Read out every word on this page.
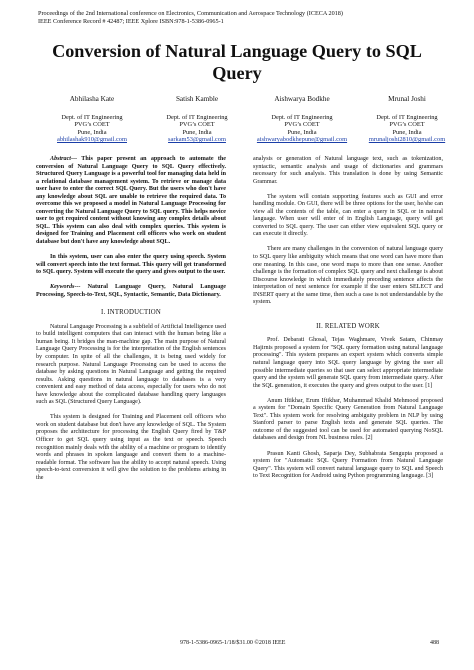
Proceedings of the 2nd International conference on Electronics, Communication and Aerospace Technology (ICECA 2018)
IEEE Conference Record # 42487; IEEE Xplore ISBN:978-1-5386-0965-1
Conversion of Natural Language Query to SQL Query
Abhilasha Kate
Dept. of IT Engineering
PVG’s COET
Pune, India
abhilashak910@gmail.com
Satish Kamble
Dept. of IT Engineering
PVG’s COET
Pune, India
sarkam53@gmail.com
Aishwarya Bodkhe
Dept. of IT Engineering
PVG’s COET
Pune, India
aishwaryabodkhepune@gmail.com
Mrunal Joshi
Dept. of IT Engineering
PVG’s COET
Pune, India
mrunaljoshi2810@gmail.com

Abstract--- This paper present an approach to automate the conversion of Natural Language Query to SQL Query effectively. Structured Query Language is a powerful tool for managing data held in a relational database management system. To retrieve or manage data user have to enter the correct SQL Query. But the users who don't have any knowledge about SQL are unable to retrieve the required data. To overcome this we proposed a model in Natural Language Processing for converting the Natural Language Query to SQL query. This helps novice user to get required content without knowing any complex details about SQL. This system can also deal with complex queries. This system is designed for Training and Placement cell officers who work on student database but don't have any knowledge about SQL.

In this system, user can also enter the query using speech. System will convert speech into the text format. This query will get transformed to SQL query. System will execute the query and gives output to the user.

Keywords--- Natural Language Query, Natural Language Processing, Speech-to-Text, SQL, Syntactic, Semantic, Data Dictionary.

I. INTRODUCTION

Natural Language Processing is a subfield of Artificial Intelligence used to build intelligent computers that can interact with the human being like a human being. It bridges the man-machine gap. The main purpose of Natural Language Query Processing is for the interpretation of the English sentences by computer. In spite of all the challenges, it is being used widely for research purpose. Natural Language Processing can be used to access the database by asking questions in Natural Language and getting the required results. Asking questions in natural language to databases is a very convenient and easy method of data access, especially for users who do not have knowledge about the complicated database handling query languages such as SQL (Structured Query Language).

This system is designed for Training and Placement cell officers who work on student database but don't have any knowledge of SQL. The System proposes the architecture for processing the English Query fired by T&P Officer to get SQL query using input as the text or speech. Speech recognition mainly deals with the ability of a machine or program to identify words and phrases in spoken language and convert them to a machine-readable format. The software has the ability to accept natural speech. Using speech-to-text conversion it will give the solution to the problems arising in the

analysis or generation of Natural language text, such as tokenization, syntactic, semantic analysis and usage of dictionaries and grammars necessary for such analysis. This translation is done by using Semantic Grammar.

The system will contain supporting features such as GUI and error handling module. On GUI, there will be three options for the user, he/she can view all the contents of the table, can enter a query in SQL or in natural language. When user will enter of in English Language, query will get converted to SQL query. The user can either view equivalent SQL query or can execute it directly.

There are many challenges in the conversion of natural language query to SQL query like ambiguity which means that one word can have more than one meaning. In this case, one word maps to more than one sense. Another challenge is the formation of complex SQL query and next challenge is about Discourse knowledge in which immediately preceding sentence affects the interpretation of next sentence for example if the user enters SELECT and INSERT query at the same time, then such a case is not understandable by the system.

II. RELATED WORK

Prof. Debarati Ghosal, Tejas Waghmare, Vivek Satam, Chinmay Hajirnis proposed a system for "SQL query formation using natural language processing". This system prepares an expert system which converts simple natural language query into SQL query language by giving the user all possible intermediate queries so that user can select appropriate intermediate query and the system will generate SQL query from intermediate query. After the SQL generation, it executes the query and gives output to the user. [1]

Anum Iftikhar, Erum Iftikhar, Muhammad Khalid Mehmood proposed a system for "Domain Specific Query Generation from Natural Language Text". This system work for resolving ambiguity problem in NLP by using Stanford parser to parse English texts and generate SQL queries. The outcome of the suggested tool can be used for automated querying NoSQL databases and design from NL business rules. [2]

Prasun Kanti Ghosh, Saparja Dey, Subhabrata Sengupta proposed a system for "Automatic SQL Query Formation from Natural Language Query". This system will convert natural language query to SQL and Speech to Text Recognition for Android using Python programming language. [3]

978-1-5386-0965-1/18/$31.00 ©2018 IEEE	488
